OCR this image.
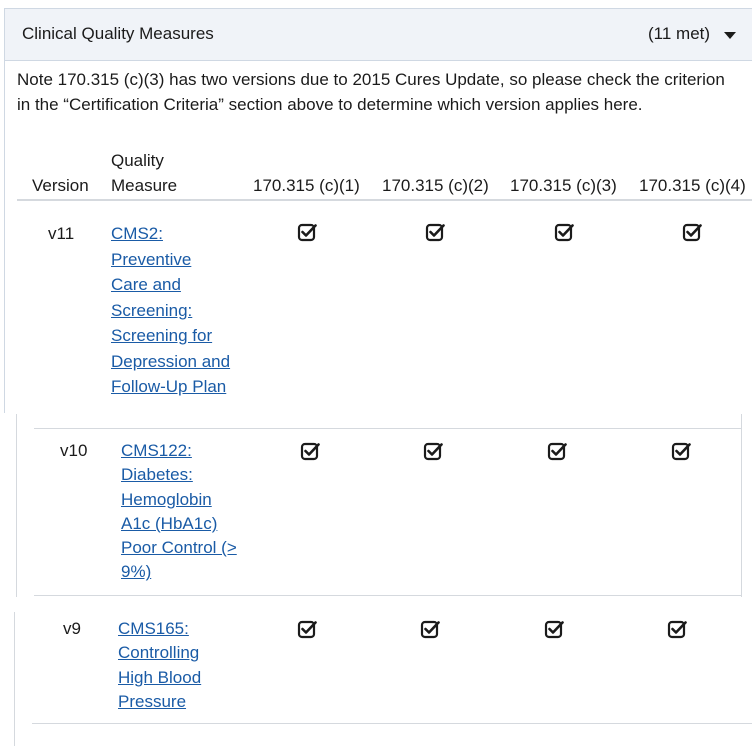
Clinical Quality Measures	(11 met)
Note 170.315 (c)(3) has two versions due to 2015 Cures Update, so please check the criterion
in the “Certification Criteria” section above to determine which version applies here.
Version
Quality
Measure	170.315 (c)(1) 170.315 (c)(2) 170.315 (c)(3) 170.315 (c)(4)
v11 CMS2:
Preventive
Care and
Screening:
Screening for
Depression and
Follow-Up Plan
v10 CMS122:
Diabetes:
Hemoglobin
A1c (HbA1c)
Poor Control (>
9%)
v9 CMS165:
Controlling
High Blood
Pressure
